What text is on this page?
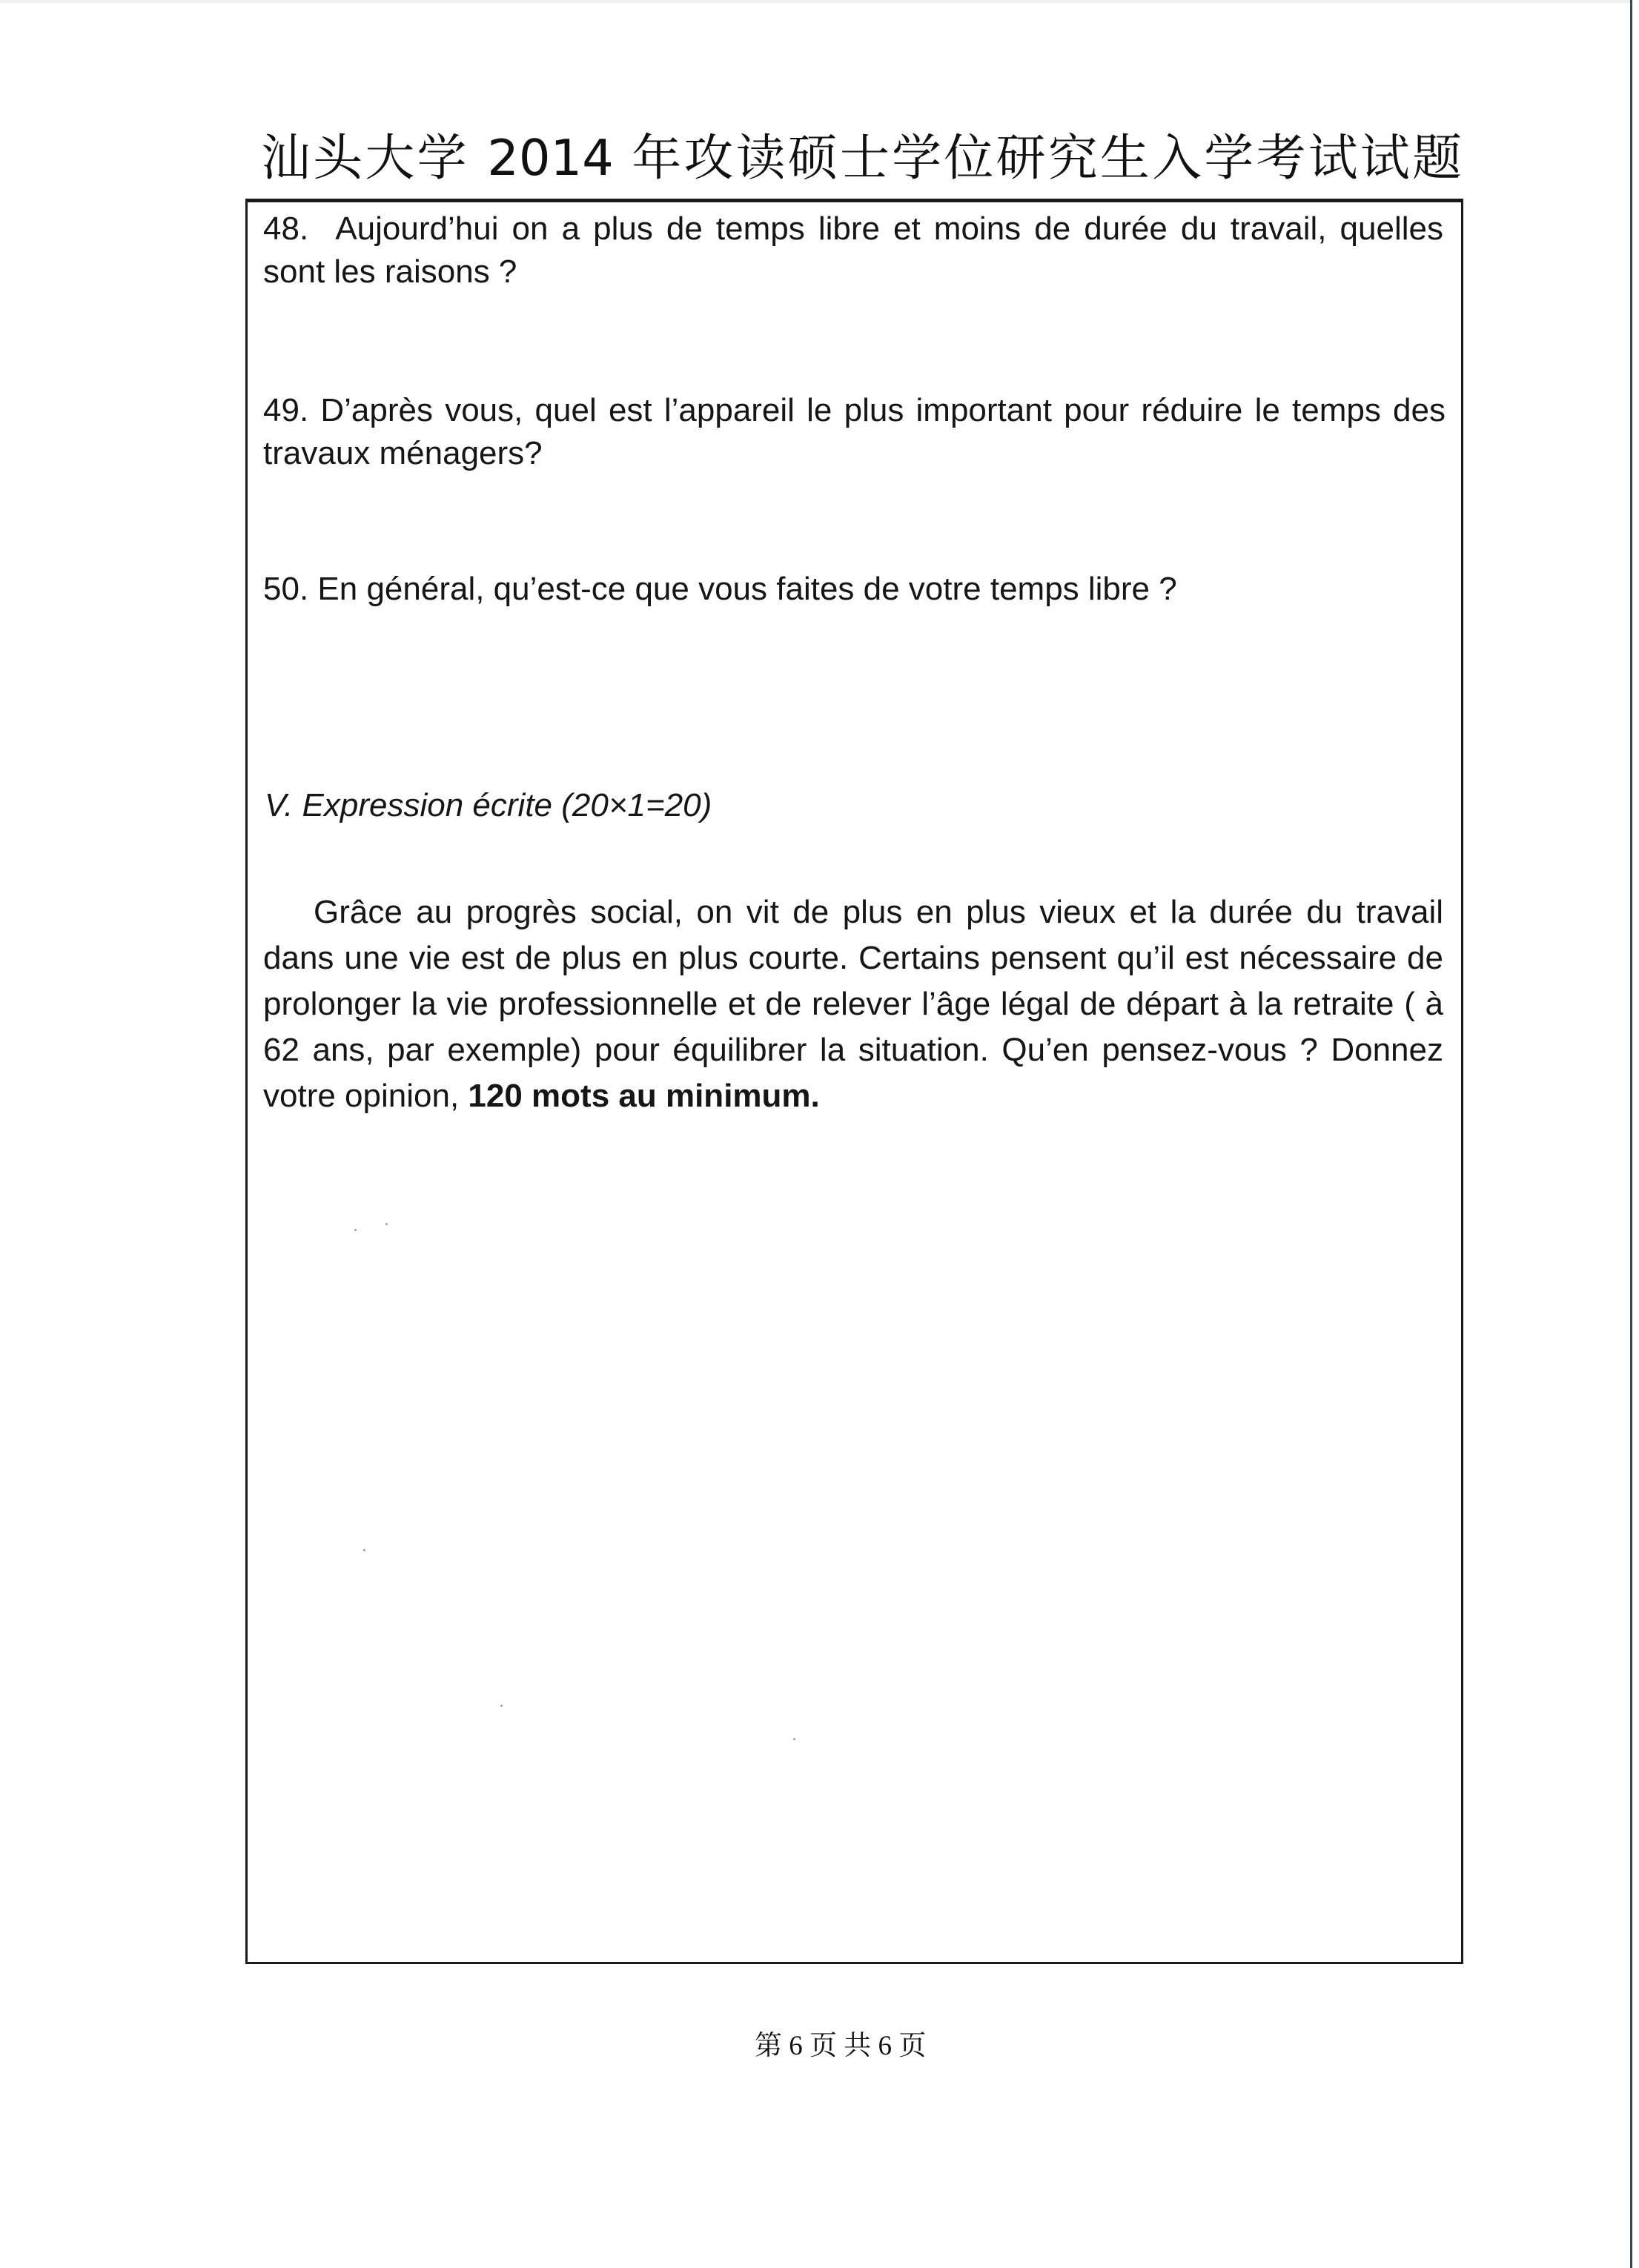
汕头大学 2014 年攻读硕士学位研究生入学考试试题
48. Aujourd’hui on a plus de temps libre et moins de durée du travail, quelles sont les raisons ?
49. D’après vous, quel est l’appareil le plus important pour réduire le temps des travaux ménagers?
50. En général, qu’est-ce que vous faites de votre temps libre ?
V. Expression écrite (20×1=20)
Grâce au progrès social, on vit de plus en plus vieux et la durée du travail dans une vie est de plus en plus courte. Certains pensent qu’il est nécessaire de prolonger la vie professionnelle et de relever l’âge légal de départ à la retraite ( à 62 ans, par exemple) pour équilibrer la situation. Qu’en pensez-vous ? Donnez votre opinion, 120 mots au minimum.
第 6 页 共 6 页
